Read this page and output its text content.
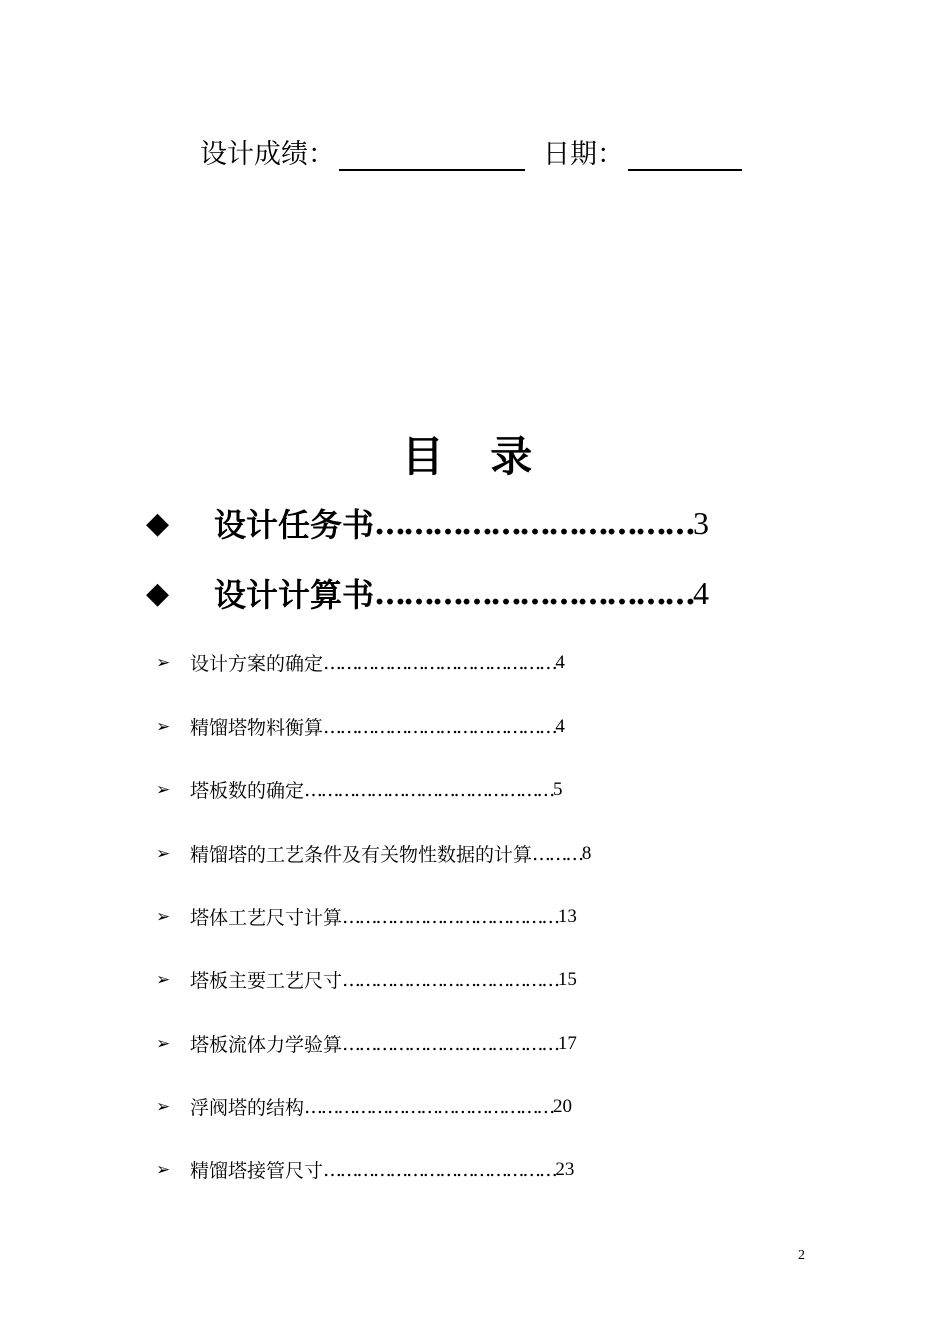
设计成绩：	日期：
目 录
◆	设计任务书 …………………………… 3
◆	设计计算书 …………………………… 4
➢	设计方案的确定 …………………………………… 4
➢	精馏塔物料衡算 …………………………………… 4
➢	塔板数的确定 ……………………………………… 5
➢	精馏塔的工艺条件及有关物性数据的计算 ……… 8
➢	塔体工艺尺寸计算 ………………………………… 13
➢	塔板主要工艺尺寸 ………………………………… 15
➢	塔板流体力学验算 ………………………………… 17
➢	浮阀塔的结构 ……………………………………… 20
➢	精馏塔接管尺寸 …………………………………… 23
2
